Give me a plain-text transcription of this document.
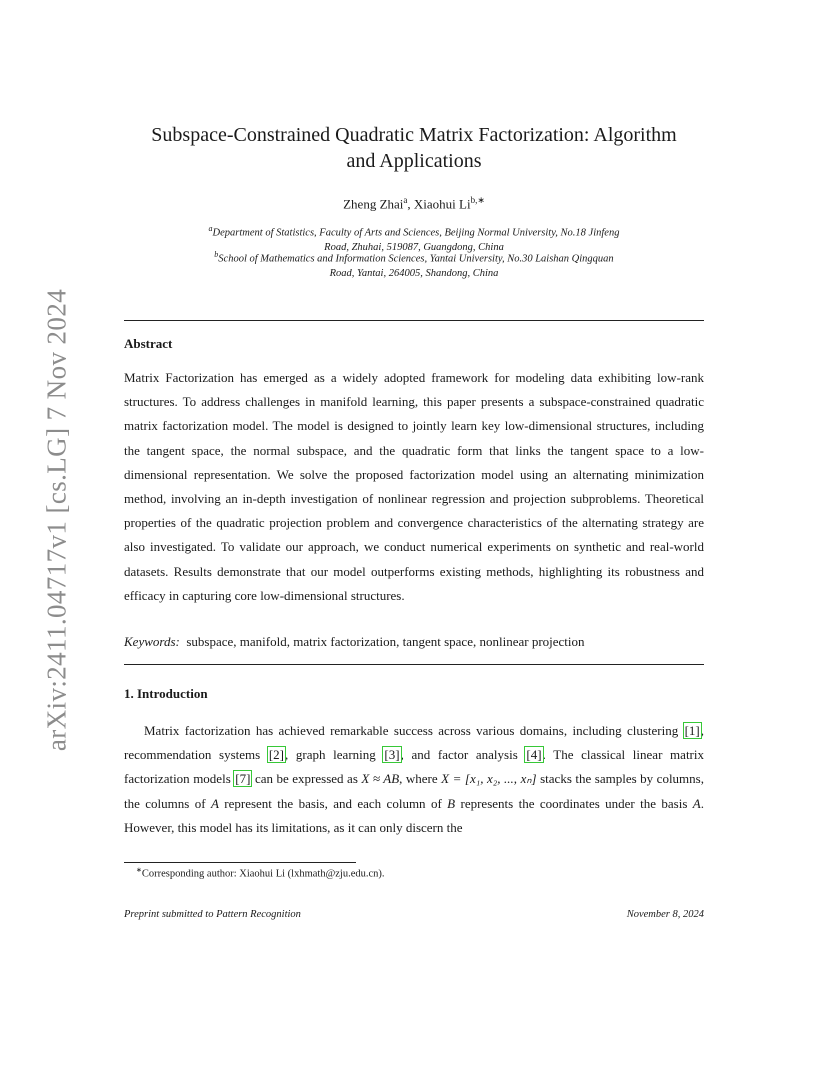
arXiv:2411.04717v1 [cs.LG] 7 Nov 2024
Subspace-Constrained Quadratic Matrix Factorization: Algorithm
and Applications
Zheng Zhai$^a$, Xiaohui $Li^{b,∗}$
$^a$Department of Statistics, Faculty of Arts and Sciences, Beijing Normal University, No.18 Jinfeng
Road, Zhuhai, 519087, Guangdong, China
$^b$School of Mathematics and Information Sciences, Yantai University, No.30 Laishan Qingquan
Road, Yantai, 264005, Shandong, China
Abstract
Matrix Factorization has emerged as a widely adopted framework for modeling data exhibiting low-rank structures. To address challenges in manifold learning, this paper presents a subspace-constrained quadratic matrix factorization model. The model is designed to jointly learn key low-dimensional structures, including the tangent space, the normal subspace, and the quadratic form that links the tangent space to a low-dimensional representation. We solve the proposed factorization model using an alternating minimization method, involving an in-depth investigation of nonlinear regression and projection subproblems. Theoretical properties of the quadratic projection problem and convergence characteristics of the alternating strategy are also investigated. To validate our approach, we conduct numerical experiments on synthetic and real-world datasets. Results demonstrate that our model outperforms existing methods, highlighting its robustness and efficacy in capturing core low-dimensional structures.
Keywords: subspace, manifold, matrix factorization, tangent space, nonlinear projection
1. Introduction
Matrix factorization has achieved remarkable success across various domains, including clustering [1], recommendation systems [2], graph learning [3], and factor analysis [4]. The classical linear matrix factorization models [7] can be expressed as X ≈ AB, where X = [x₁, x₂, ..., xₙ] stacks the samples by columns, the columns of A represent the basis, and each column of B represents the coordinates under the basis A. However, this model has its limitations, as it can only discern the
∗Corresponding author: Xiaohui Li (lxhmath@zju.edu.cn).
Preprint submitted to Pattern Recognition	November 8, 2024
